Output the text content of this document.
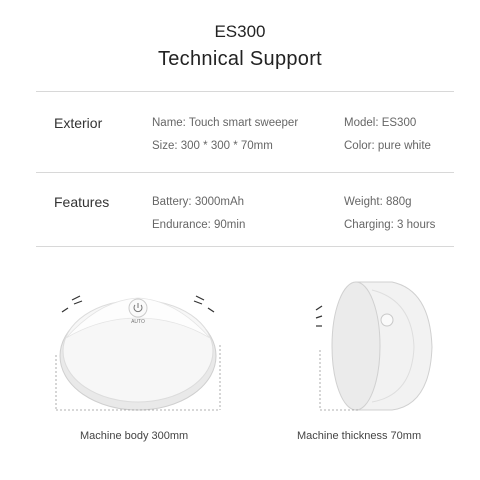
ES300
Technical Support
Exterior	Name: Touch smart sweeper	Model: ES300
Size: 300 * 300 * 70mm	Color: pure white
Features	Battery: 3000mAh	Weight: 880g
Endurance: 90min	Charging: 3 hours
AUTO
Machine body 300mm	Machine thickness 70mm
